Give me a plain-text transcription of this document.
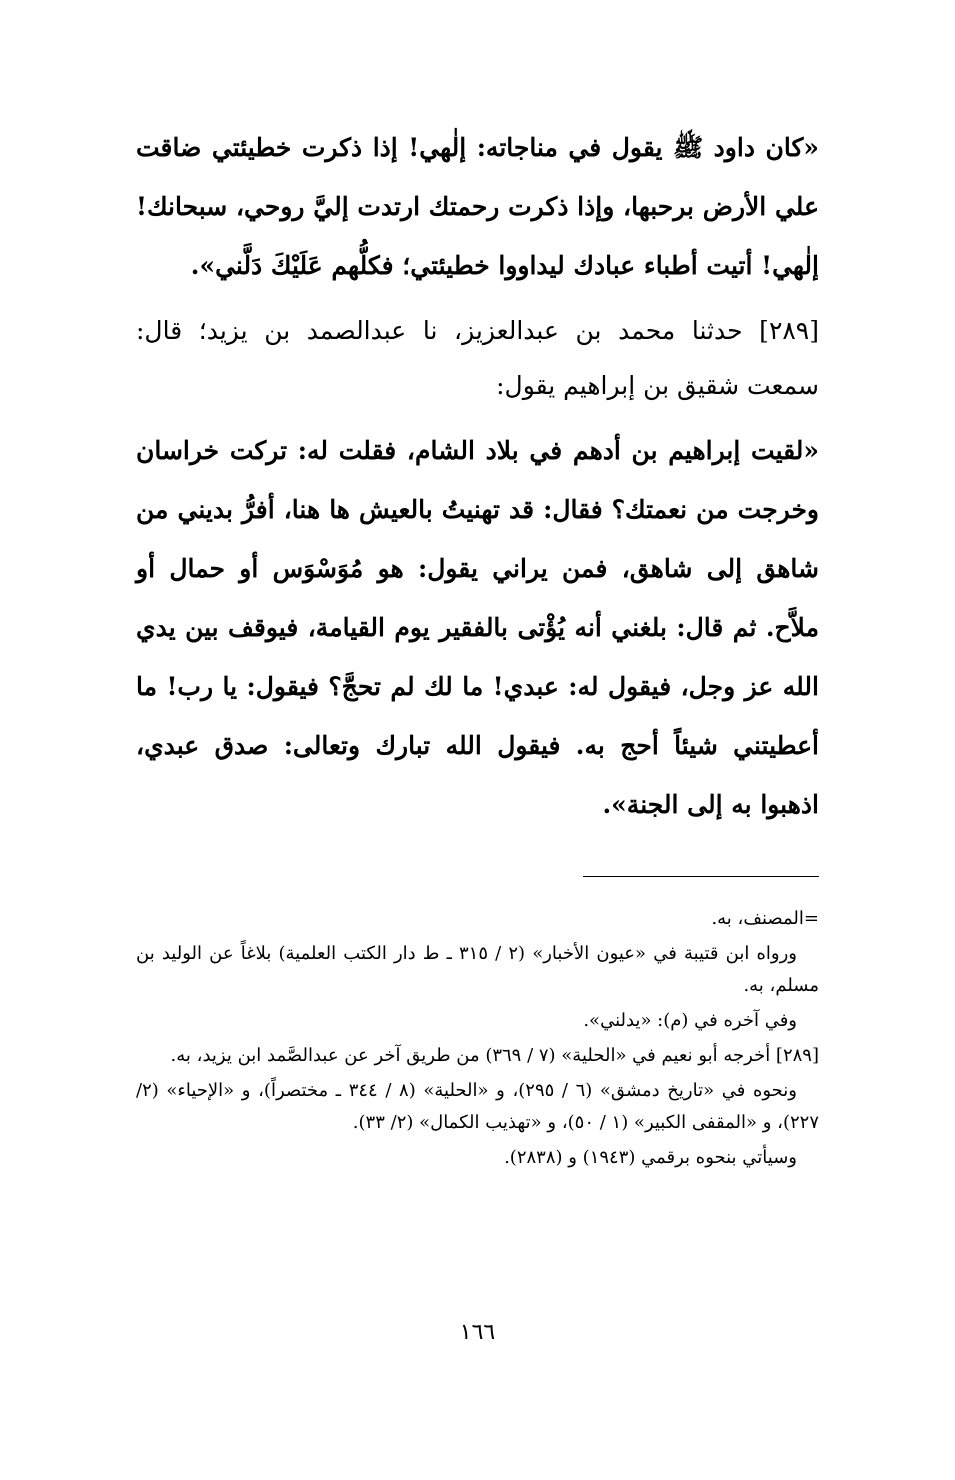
«كان داود ﷺ يقول في مناجاته: إلٰهي! إذا ذكرت خطيئتي ضاقت علي الأرض برحبها، وإذا ذكرت رحمتك ارتدت إليَّ روحي، سبحانك! إلٰهي! أتيت أطباء عبادك ليداووا خطيئتي؛ فكلُّهم عَلَيْكَ دَلَّني».

[٢٨٩] حدثنا محمد بن عبدالعزيز، نا عبدالصمد بن يزيد؛ قال: سمعت شقيق بن إبراهيم يقول:

«لقيت إبراهيم بن أدهم في بلاد الشام، فقلت له: تركت خراسان وخرجت من نعمتك؟ فقال: قد تهنيتُ بالعيش ها هنا، أفرُّ بديني من شاهق إلى شاهق، فمن يراني يقول: هو مُوَسْوَس أو حمال أو ملاَّح. ثم قال: بلغني أنه يُؤْتى بالفقير يوم القيامة، فيوقف بين يدي الله عز وجل، فيقول له: عبدي! ما لك لم تحجَّ؟ فيقول: يا رب! ما أعطيتني شيئاً أحج به. فيقول الله تبارك وتعالى: صدق عبدي، اذهبوا به إلى الجنة».

=المصنف، به.

ورواه ابن قتيبة في «عيون الأخبار» (٢ / ٣١٥ ـ ط دار الكتب العلمية) بلاغاً عن الوليد بن مسلم، به.

وفي آخره في (م): «يدلني».

[٢٨٩] أخرجه أبو نعيم في «الحلية» (٧ / ٣٦٩) من طريق آخر عن عبدالصَّمد ابن يزيد، به.

ونحوه في «تاريخ دمشق» (٦ / ٢٩٥)، و «الحلية» (٨ / ٣٤٤ ـ مختصراً)، و «الإحياء» (٢/ ٢٢٧)، و «المقفى الكبير» (١ / ٥٠)، و «تهذيب الكمال» (٢/ ٣٣).

وسيأتي بنحوه برقمي (١٩٤٣) و (٢٨٣٨).

١٦٦
